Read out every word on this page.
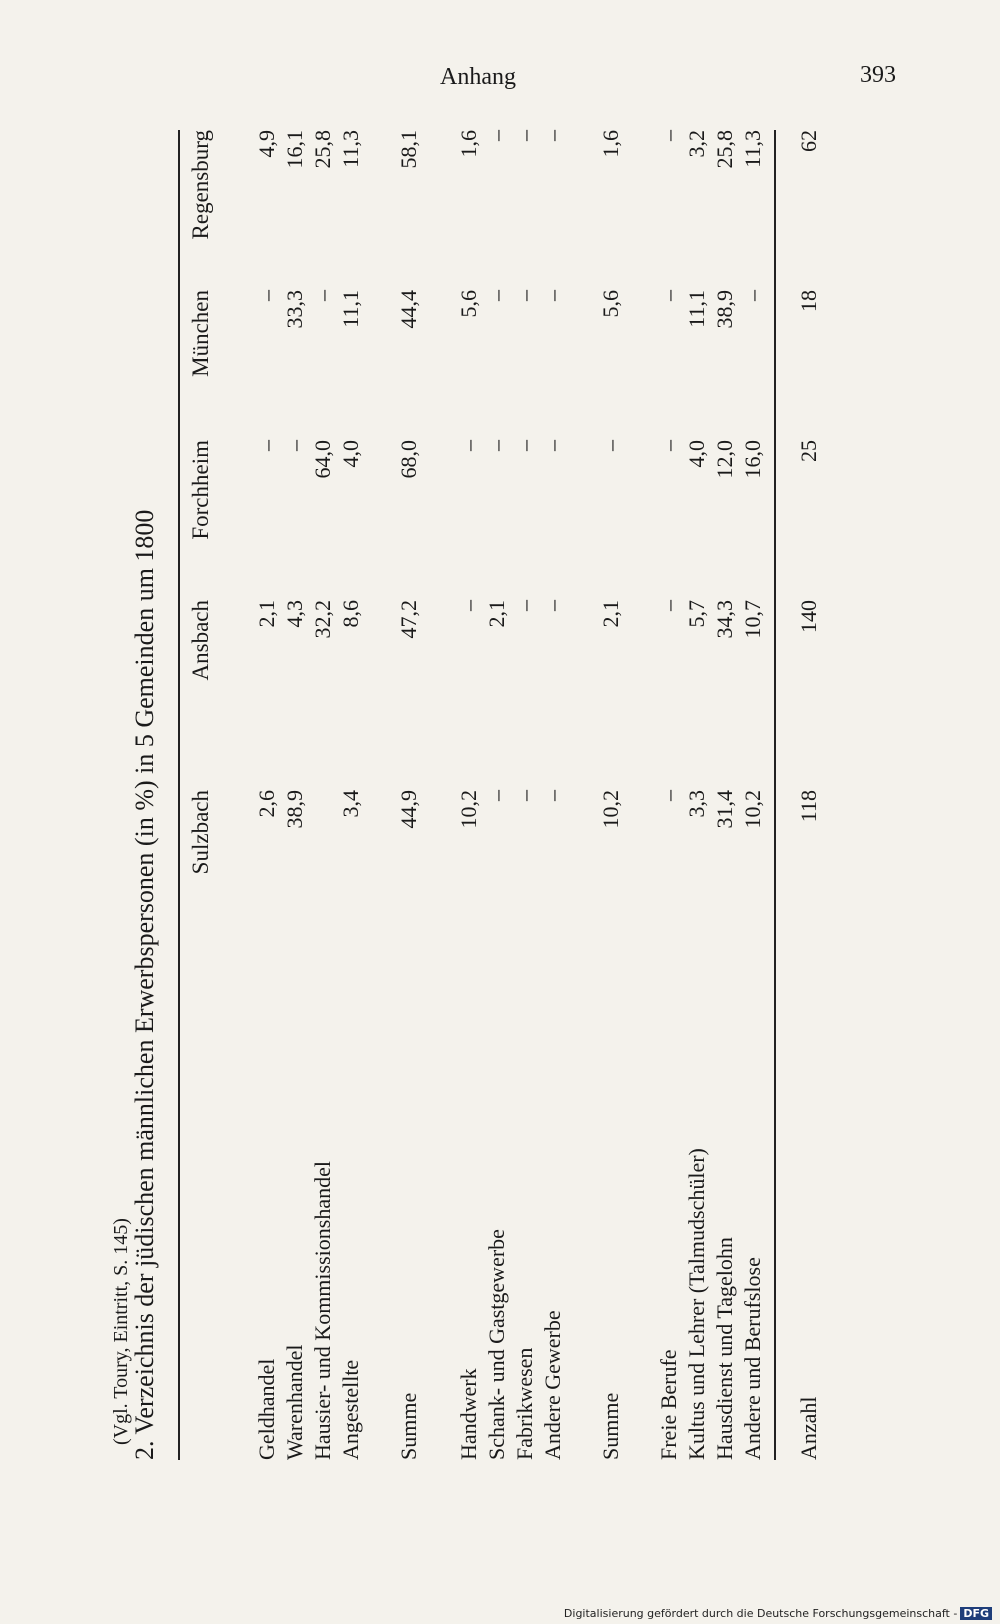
Anhang	393
2. Verzeichnis der jüdischen männlichen Erwerbspersonen (in %) in 5 Gemeinden um 1800 Sulzbach
Ansbach
Forchheim
München
Regensburg
Geldhandel
2,6
2,1
–
–
4,9
Warenhandel
38,9
4,3
–
33,3
16,1
Hausier- und Kommissionshandel
32,2
64,0
–
25,8
Angestellte
3,4
8,6
4,0
11,1
11,3
Summe
44,9
47,2
68,0
44,4
58,1
Handwerk
10,2
–
–
5,6
1,6
Schank- und Gastgewerbe
–
2,1
–
–
–
Fabrikwesen
–
–
–
–
–
Andere Gewerbe
–
–
–
–
–
Summe
10,2
2,1
–
5,6
1,6
Freie Berufe
–
–
–
–
–
Kultus und Lehrer (Talmudschüler)
3,3
5,7
4,0
11,1
3,2
Hausdienst und Tagelohn
31,4
34,3
12,0
38,9
25,8
Andere und Berufslose
10,2
10,7
16,0
–
11,3
Anzahl
118
140
25
18
62
(Vgl. Toury, Eintritt, S. 145)
Digitalisierung gefördert durch die Deutsche Forschungsgemeinschaft - DFG
